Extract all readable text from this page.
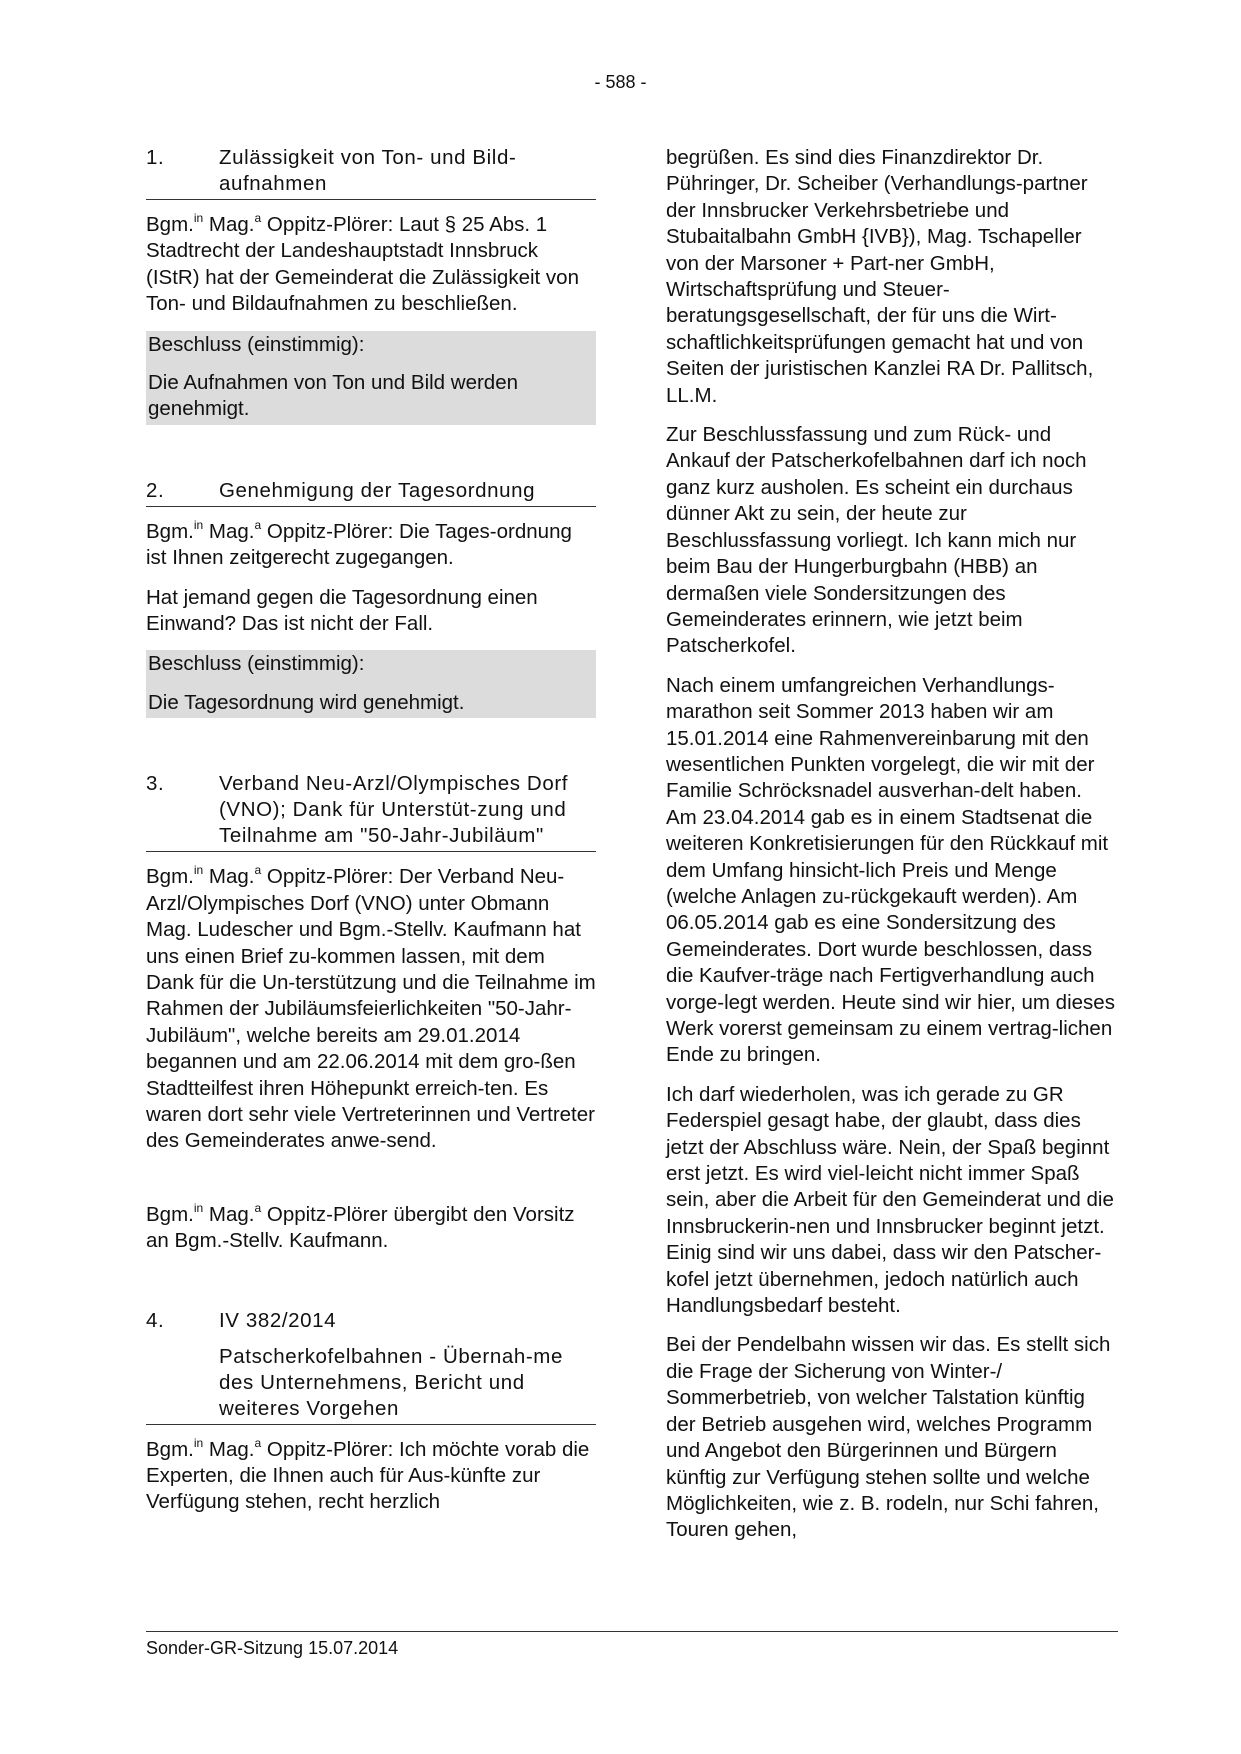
- 588 -
1.	Zulässigkeit von Ton- und Bild-aufnahmen

Bgm.$^{in}$ Mag.$^a$ Oppitz-Plörer: Laut § 25 Abs. 1 Stadtrecht der Landeshauptstadt Innsbruck (IStR) hat der Gemeinderat die Zulässigkeit von Ton- und Bildaufnahmen zu beschließen.

Beschluss (einstimmig):
Die Aufnahmen von Ton und Bild werden genehmigt.
2.	Genehmigung der Tagesordnung

Bgm.$^{in}$ Mag.$^a$ Oppitz-Plörer: Die Tages-ordnung ist Ihnen zeitgerecht zugegangen.

Hat jemand gegen die Tagesordnung einen Einwand? Das ist nicht der Fall.

Beschluss (einstimmig):
Die Tagesordnung wird genehmigt.
3.	Verband Neu-Arzl/Olympisches Dorf (VNO); Dank für Unterstüt-zung und Teilnahme am "50-Jahr-Jubiläum"

Bgm.$^{in}$ Mag.$^a$ Oppitz-Plörer: Der Verband Neu-Arzl/Olympisches Dorf (VNO) unter Obmann Mag. Ludescher und Bgm.-Stellv. Kaufmann hat uns einen Brief zu-kommen lassen, mit dem Dank für die Un-terstützung und die Teilnahme im Rahmen der Jubiläumsfeierlichkeiten "50-Jahr-Jubiläum", welche bereits am 29.01.2014 begannen und am 22.06.2014 mit dem gro-ßen Stadtteilfest ihren Höhepunkt erreich-ten. Es waren dort sehr viele Vertreterinnen und Vertreter des Gemeinderates anwe-send.

Bgm.$^{in}$ Mag.$^a$ Oppitz-Plörer übergibt den Vorsitz an Bgm.-Stellv. Kaufmann.

4.	IV 382/2014
Patscherkofelbahnen - Übernah-me des Unternehmens, Bericht und weiteres Vorgehen

Bgm.$^{in}$ Mag.$^a$ Oppitz-Plörer: Ich möchte vorab die Experten, die Ihnen auch für Aus-künfte zur Verfügung stehen, recht herzlich

begrüßen. Es sind dies Finanzdirektor Dr. Pühringer, Dr. Scheiber (Verhandlungs-partner der Innsbrucker Verkehrsbetriebe und Stubaitalbahn GmbH {IVB}), Mag. Tschapeller von der Marsoner + Part-ner GmbH, Wirtschaftsprüfung und Steuer-beratungsgesellschaft, der für uns die Wirt-schaftlichkeitsprüfungen gemacht hat und von Seiten der juristischen Kanzlei RA Dr. Pallitsch, LL.M.

Zur Beschlussfassung und zum Rück- und Ankauf der Patscherkofelbahnen darf ich noch ganz kurz ausholen. Es scheint ein durchaus dünner Akt zu sein, der heute zur Beschlussfassung vorliegt. Ich kann mich nur beim Bau der Hungerburgbahn (HBB) an dermaßen viele Sondersitzungen des Gemeinderates erinnern, wie jetzt beim Patscherkofel.

Nach einem umfangreichen Verhandlungs-marathon seit Sommer 2013 haben wir am 15.01.2014 eine Rahmenvereinbarung mit den wesentlichen Punkten vorgelegt, die wir mit der Familie Schröcksnadel ausverhan-delt haben. Am 23.04.2014 gab es in einem Stadtsenat die weiteren Konkretisierungen für den Rückkauf mit dem Umfang hinsicht-lich Preis und Menge (welche Anlagen zu-rückgekauft werden). Am 06.05.2014 gab es eine Sondersitzung des Gemeinderates. Dort wurde beschlossen, dass die Kaufver-träge nach Fertigverhandlung auch vorge-legt werden. Heute sind wir hier, um dieses Werk vorerst gemeinsam zu einem vertrag-lichen Ende zu bringen.

Ich darf wiederholen, was ich gerade zu GR Federspiel gesagt habe, der glaubt, dass dies jetzt der Abschluss wäre. Nein, der Spaß beginnt erst jetzt. Es wird viel-leicht nicht immer Spaß sein, aber die Arbeit für den Gemeinderat und die Innsbruckerin-nen und Innsbrucker beginnt jetzt. Einig sind wir uns dabei, dass wir den Patscher-kofel jetzt übernehmen, jedoch natürlich auch Handlungsbedarf besteht.

Bei der Pendelbahn wissen wir das. Es stellt sich die Frage der Sicherung von Winter-/ Sommerbetrieb, von welcher Talstation künftig der Betrieb ausgehen wird, welches Programm und Angebot den Bürgerinnen und Bürgern künftig zur Verfügung stehen sollte und welche Möglichkeiten, wie z. B. rodeln, nur Schi fahren, Touren gehen,

Sonder-GR-Sitzung 15.07.2014
